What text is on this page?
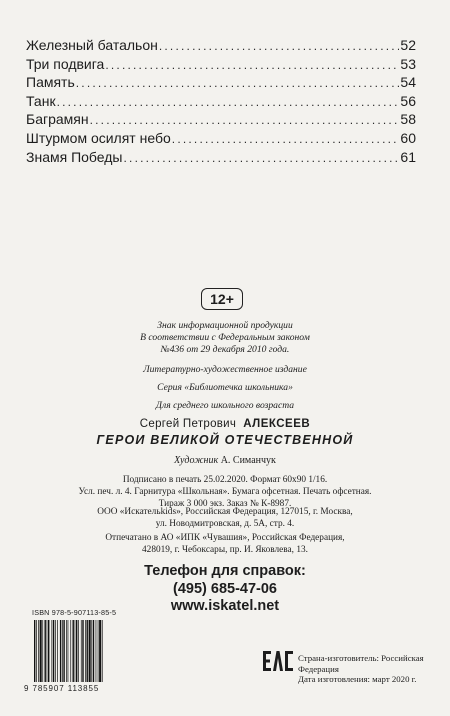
Железный батальон .....	52
Три подвига .....	53
Память .....	54
Танк .....	56
Баграмян .....	58
Штурмом осилят небо .....	60
Знамя Победы .....	61
12+
Знак информационной продукции
В соответствии с Федеральным законом
№436 от 29 декабря 2010 года.
Литературно-художественное издание
Серия «Библиотечка школьника»
Для среднего школьного возраста
Сергей Петрович АЛЕКСЕЕВ
ГЕРОИ ВЕЛИКОЙ ОТЕЧЕСТВЕННОЙ
Художник А. Симанчук
Подписано в печать 25.02.2020. Формат 60х90 1/16.
Усл. печ. л. 4. Гарнитура «Школьная». Бумага офсетная. Печать офсетная.
Тираж 3 000 экз. Заказ № К-8987.
ООО «Искательkids», Российская Федерация, 127015, г. Москва,
ул. Новодмитровская, д. 5А, стр. 4.
Отпечатано в АО «ИПК «Чувашия», Российская Федерация,
428019, г. Чебоксары, пр. И. Яковлева, 13.
Телефон для справок:
(495) 685-47-06
www.iskatel.net
ISBN 978-5-907113-85-5
9 785907 113855
Страна-изготовитель: Российская Федерация
Дата изготовления: март 2020 г.
